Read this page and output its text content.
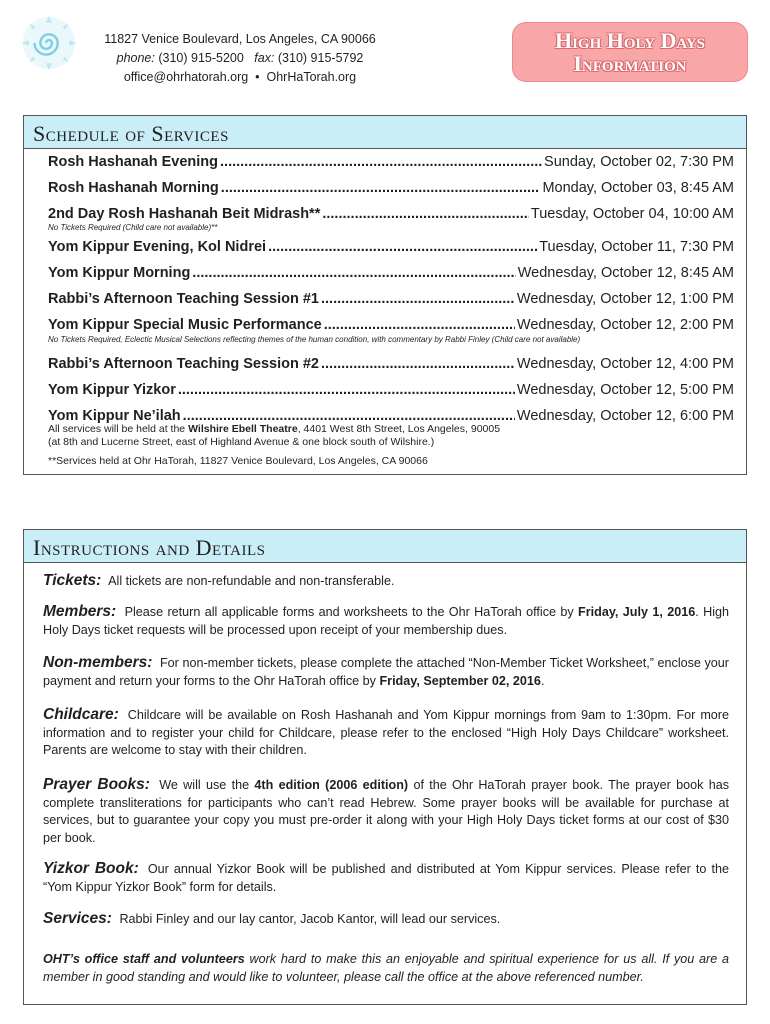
11827 Venice Boulevard, Los Angeles, CA 90066
phone: (310) 915-5200 fax: (310) 915-5792
office@ohrhatorah.org • OhrHaTorah.org
High Holy Days
Information
Schedule of Services
Rosh Hashanah Evening .....	Sunday, October 02, 7:30 PM
Rosh Hashanah Morning .....	Monday, October 03, 8:45 AM
2nd Day Rosh Hashanah Beit Midrash** .....	Tuesday, October 04, 10:00 AM
No Tickets Required (Child care not available)**
Yom Kippur Evening, Kol Nidrei .....	Tuesday, October 11, 7:30 PM
Yom Kippur Morning .....	Wednesday, October 12, 8:45 AM
Rabbi’s Afternoon Teaching Session #1 .....	Wednesday, October 12, 1:00 PM
Yom Kippur Special Music Performance .....	Wednesday, October 12, 2:00 PM
No Tickets Required, Eclectic Musical Selections reflecting themes of the human condition, with commentary by Rabbi Finley (Child care not available)
Rabbi’s Afternoon Teaching Session #2 .....	Wednesday, October 12, 4:00 PM
Yom Kippur Yizkor .....	Wednesday, October 12, 5:00 PM
Yom Kippur Ne’ilah .....	Wednesday, October 12, 6:00 PM
All services will be held at the Wilshire Ebell Theatre, 4401 West 8th Street, Los Angeles, 90005
(at 8th and Lucerne Street, east of Highland Avenue & one block south of Wilshire.)
**Services held at Ohr HaTorah, 11827 Venice Boulevard, Los Angeles, CA 90066
Instructions and Details
Tickets: All tickets are non-refundable and non-transferable.
Members: Please return all applicable forms and worksheets to the Ohr HaTorah office by Friday, July 1, 2016. High Holy Days ticket requests will be processed upon receipt of your membership dues.
Non-members: For non-member tickets, please complete the attached “Non-Member Ticket Worksheet,” enclose your payment and return your forms to the Ohr HaTorah office by Friday, September 02, 2016.
Childcare: Childcare will be available on Rosh Hashanah and Yom Kippur mornings from 9am to 1:30pm. For more information and to register your child for Childcare, please refer to the enclosed “High Holy Days Childcare” worksheet. Parents are welcome to stay with their children.
Prayer Books: We will use the 4th edition (2006 edition) of the Ohr HaTorah prayer book. The prayer book has complete transliterations for participants who can’t read Hebrew. Some prayer books will be available for purchase at services, but to guarantee your copy you must pre-order it along with your High Holy Days ticket forms at our cost of $30 per book.
Yizkor Book: Our annual Yizkor Book will be published and distributed at Yom Kippur services. Please refer to the “Yom Kippur Yizkor Book” form for details.
Services: Rabbi Finley and our lay cantor, Jacob Kantor, will lead our services.
OHT’s office staff and volunteers work hard to make this an enjoyable and spiritual experience for us all. If you are a member in good standing and would like to volunteer, please call the office at the above referenced number.
